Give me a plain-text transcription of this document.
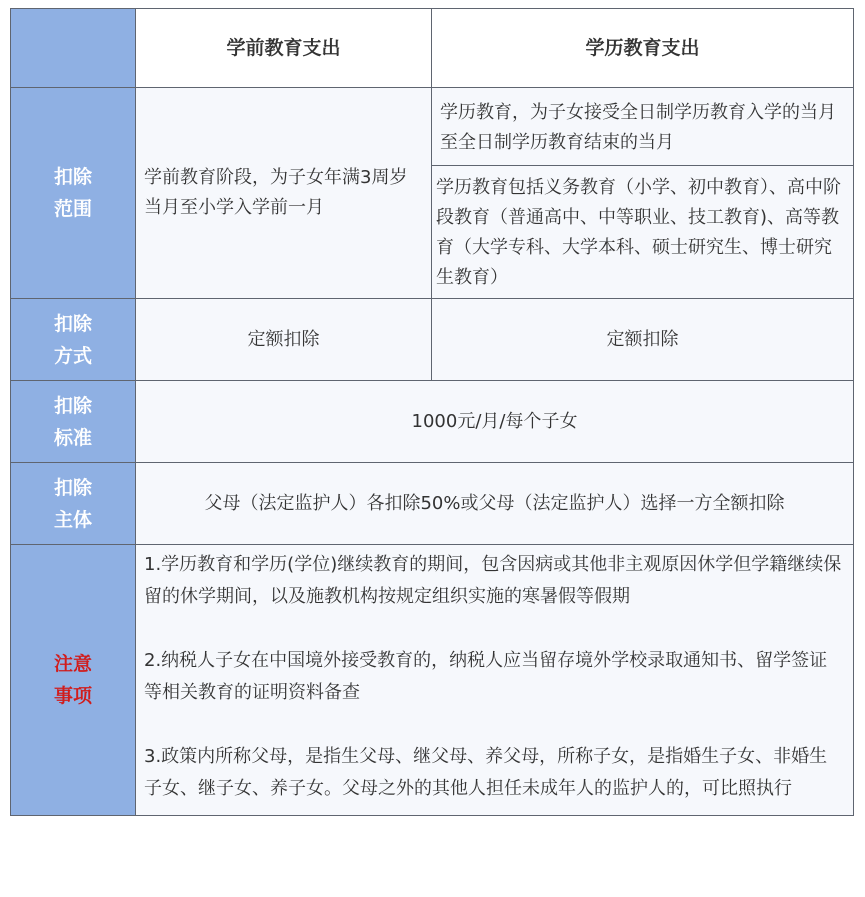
	学前教育支出	学历教育支出
扣除范围	学前教育阶段，为子女年满3周岁当月至小学入学前一月	学历教育，为子女接受全日制学历教育入学的当月至全日制学历教育结束的当月
		学历教育包括义务教育（小学、初中教育）、高中阶段教育（普通高中、中等职业、技工教育)、高等教育（大学专科、大学本科、硕士研究生、博士研究生教育）
扣除方式	定额扣除	定额扣除
扣除标准	1000元/月/每个子女	
扣除主体	父母（法定监护人）各扣除50%或父母（法定监护人）选择一方全额扣除	
注意事项	1.学历教育和学历(学位)继续教育的期间，包含因病或其他非主观原因休学但学籍继续保留的休学期间，以及施教机构按规定组织实施的寒暑假等假期

2.纳税人子女在中国境外接受教育的，纳税人应当留存境外学校录取通知书、留学签证等相关教育的证明资料备查

3.政策内所称父母，是指生父母、继父母、养父母，所称子女，是指婚生子女、非婚生子女、继子女、养子女。父母之外的其他人担任未成年人的监护人的，可比照执行	
